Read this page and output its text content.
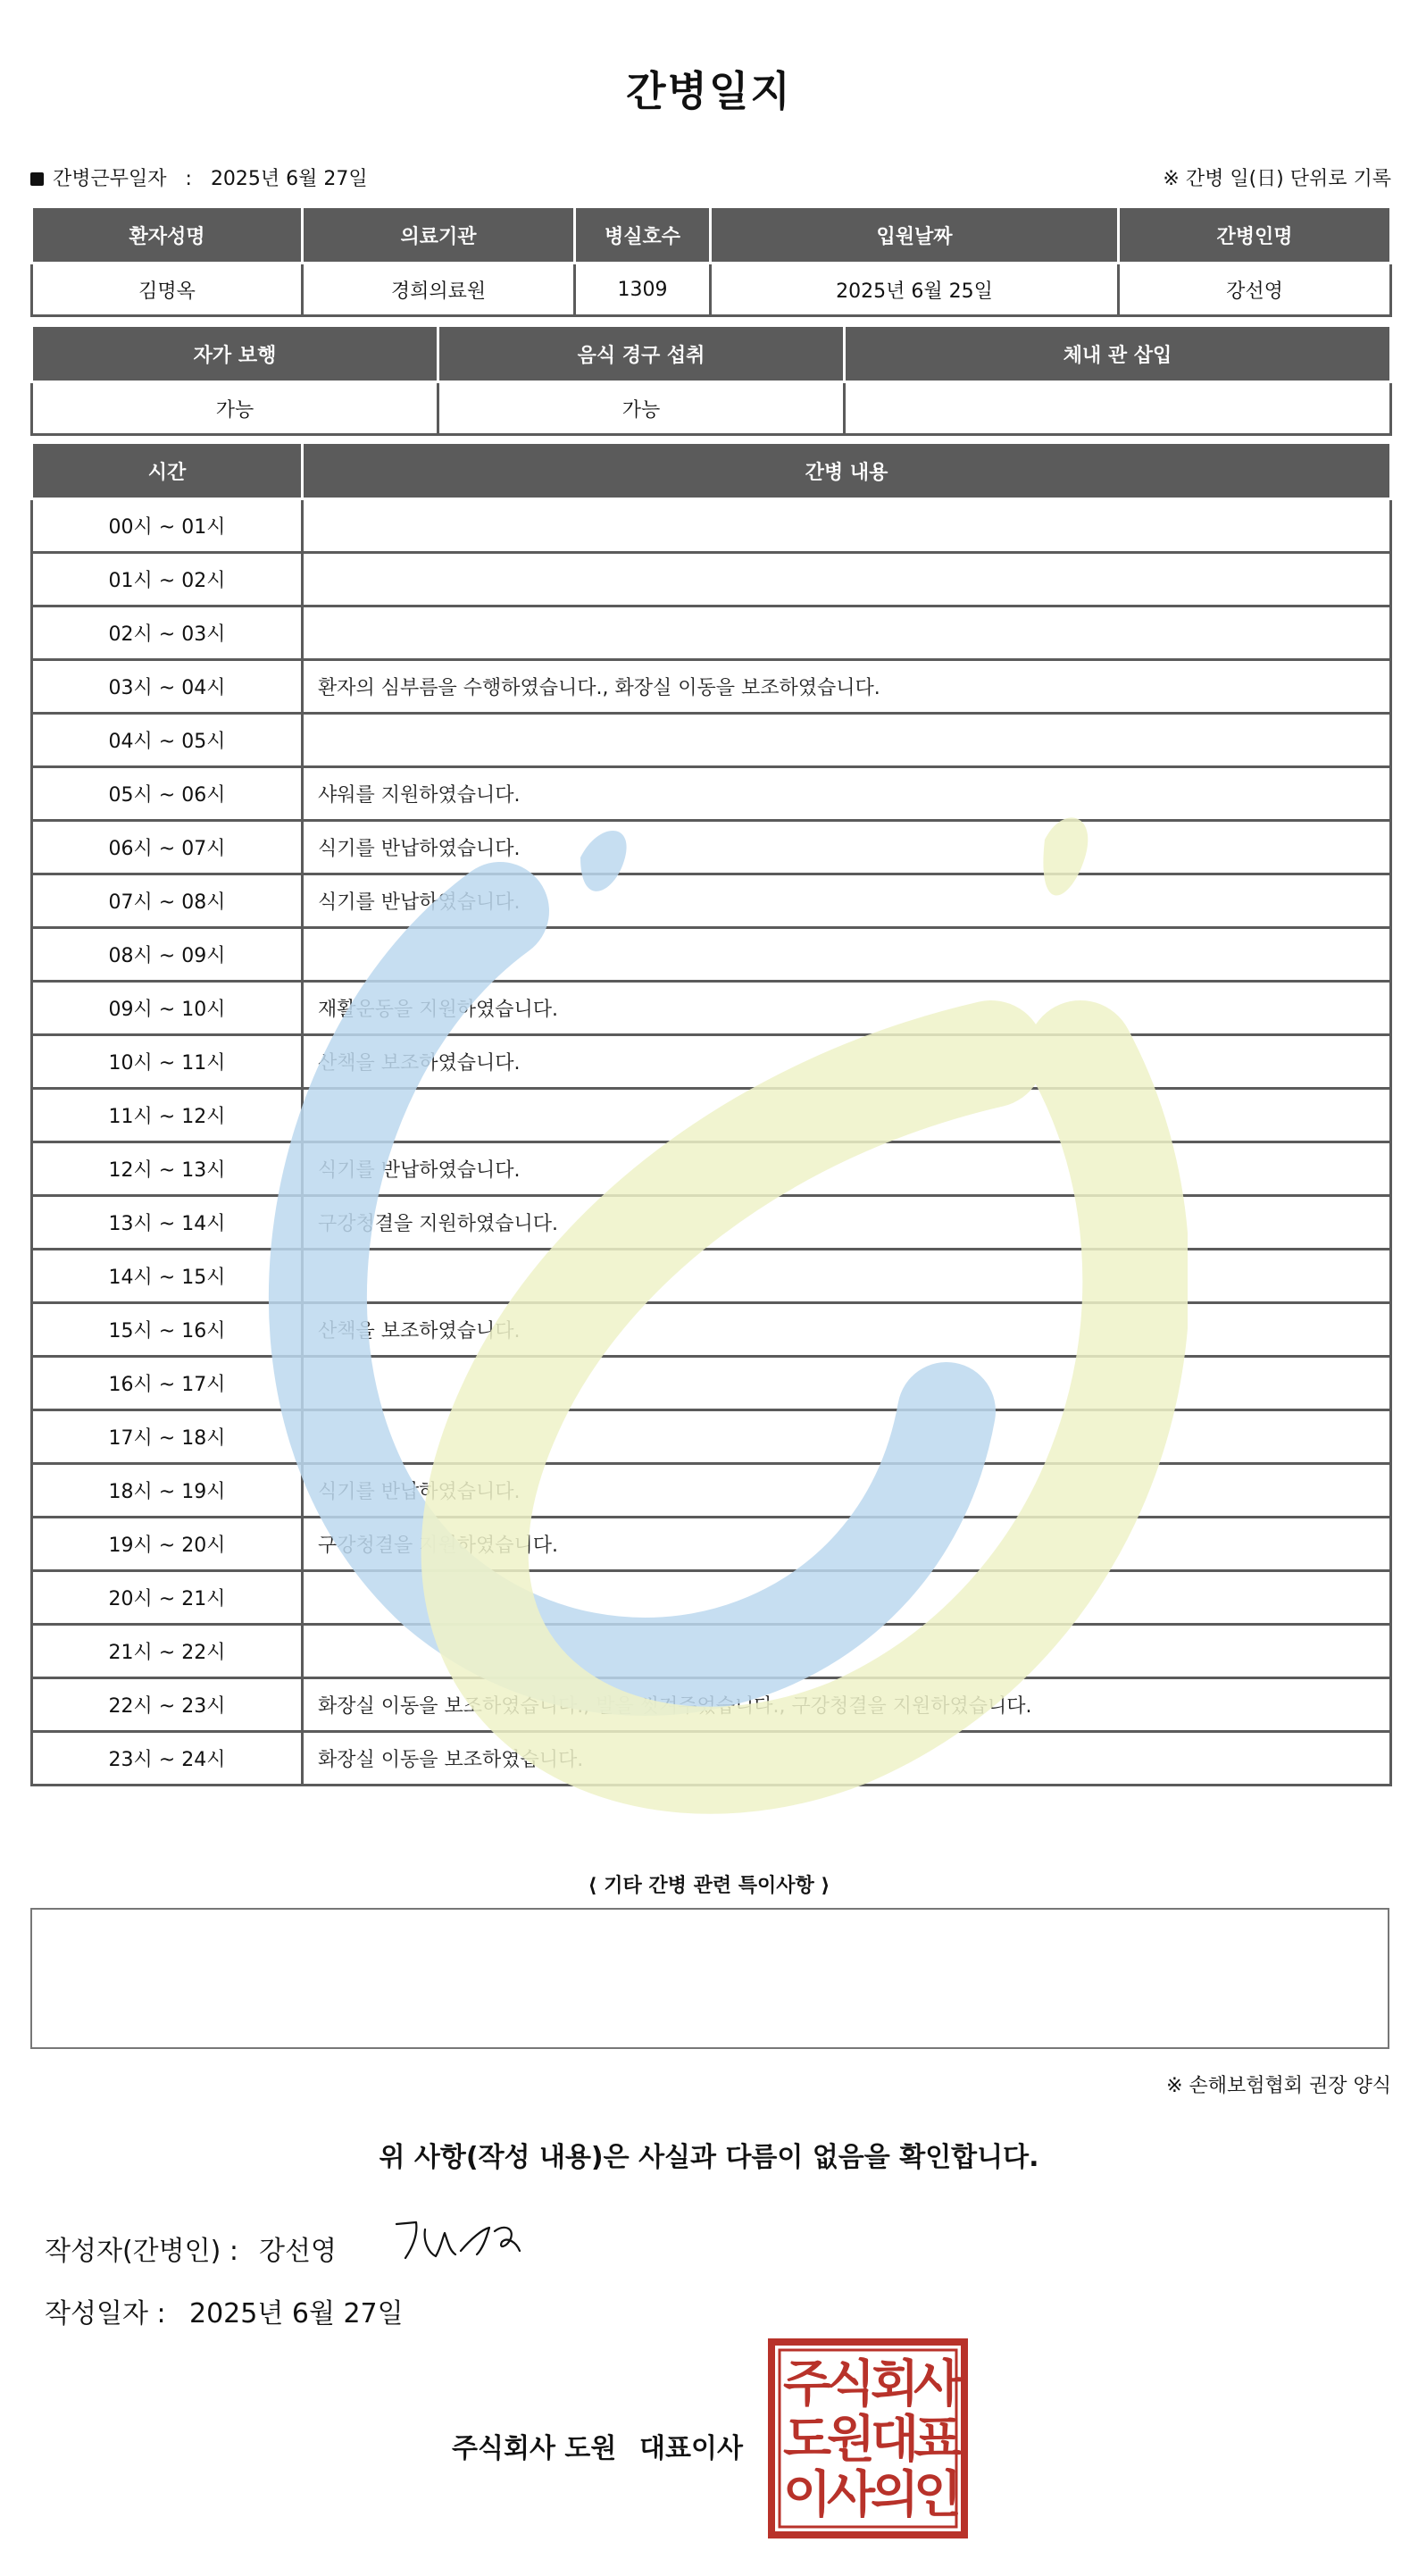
간병일지
간병근무일자 : 2025년 6월 27일	※ 간병 일(日) 단위로 기록
환자성명	의료기관	병실호수	입원날짜	간병인명
김명옥	경희의료원	1309	2025년 6월 25일	강선영
자가 보행	음식 경구 섭취	체내 관 삽입
가능	가능	
시간	간병 내용
00시 ~ 01시	
01시 ~ 02시	
02시 ~ 03시	
03시 ~ 04시	환자의 심부름을 수행하였습니다., 화장실 이동을 보조하였습니다.
04시 ~ 05시	
05시 ~ 06시	샤워를 지원하였습니다.
06시 ~ 07시	식기를 반납하였습니다.
07시 ~ 08시	식기를 반납하였습니다.
08시 ~ 09시	
09시 ~ 10시	재활운동을 지원하였습니다.
10시 ~ 11시	산책을 보조하였습니다.
11시 ~ 12시	
12시 ~ 13시	식기를 반납하였습니다.
13시 ~ 14시	구강청결을 지원하였습니다.
14시 ~ 15시	
15시 ~ 16시	산책을 보조하였습니다.
16시 ~ 17시	
17시 ~ 18시	
18시 ~ 19시	식기를 반납하였습니다.
19시 ~ 20시	구강청결을 지원하였습니다.
20시 ~ 21시	
21시 ~ 22시	
22시 ~ 23시	화장실 이동을 보조하였습니다., 발을 씻겨주었습니다., 구강청결을 지원하였습니다.
23시 ~ 24시	화장실 이동을 보조하였습니다.
⟨ 기타 간병 관련 특이사항 ⟩
※ 손해보험협회 권장 양식
위 사항(작성 내용)은 사실과 다름이 없음을 확인합니다.
작성자(간병인) : 강선영
작성일자 : 2025년 6월 27일
주식회사 도원 대표이사
주
식
회
사
도
원
대
표
이
사
의
인
